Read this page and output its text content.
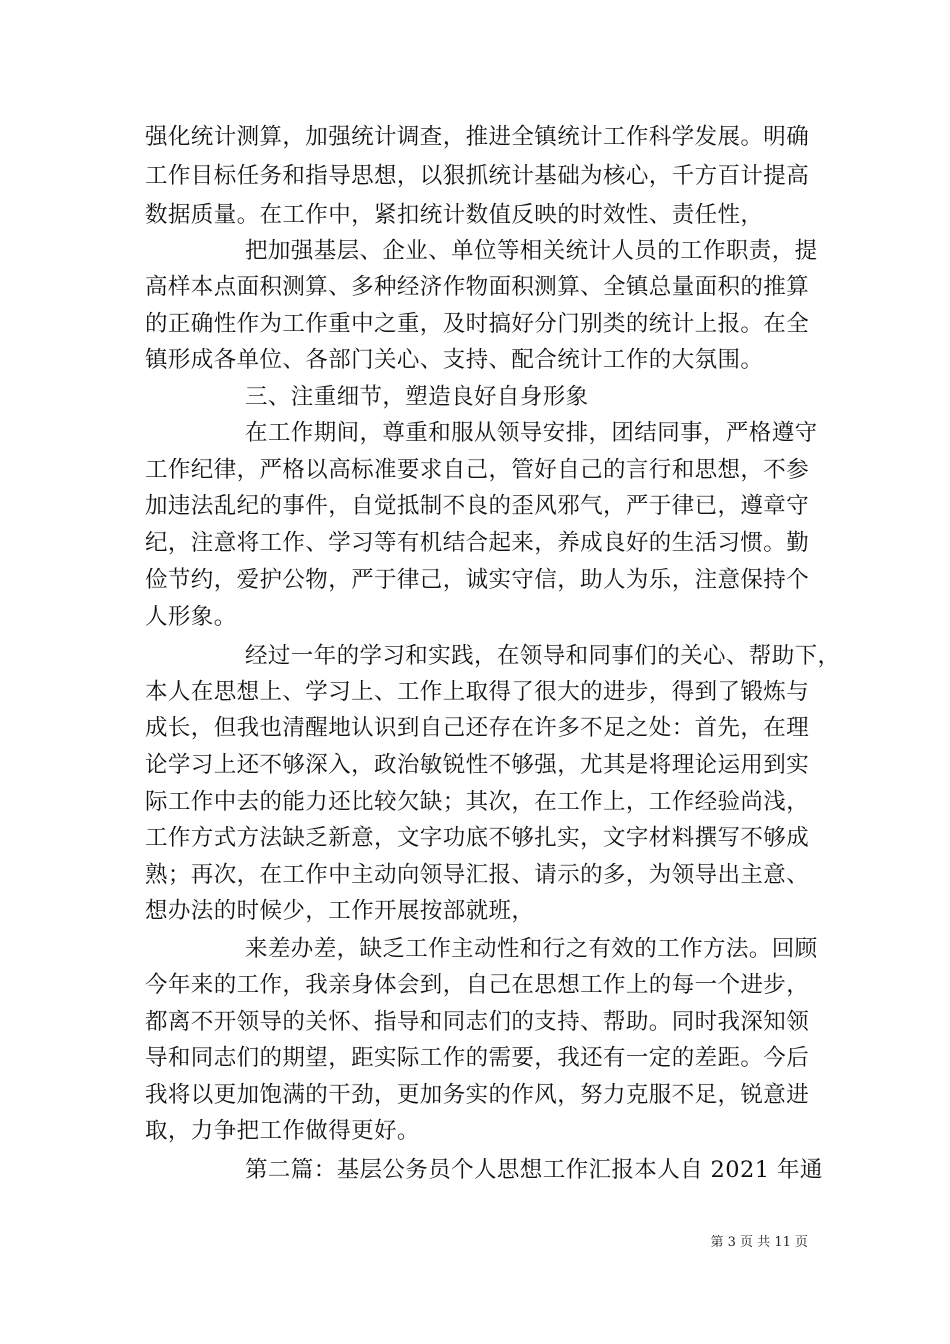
强化统计测算，加强统计调查，推进全镇统计工作科学发展。明确
工作目标任务和指导思想，以狠抓统计基础为核心，千方百计提高
数据质量。在工作中，紧扣统计数值反映的时效性、责任性，
把加强基层、企业、单位等相关统计人员的工作职责，提
高样本点面积测算、多种经济作物面积测算、全镇总量面积的推算
的正确性作为工作重中之重，及时搞好分门别类的统计上报。在全
镇形成各单位、各部门关心、支持、配合统计工作的大氛围。
三、注重细节，塑造良好自身形象
在工作期间，尊重和服从领导安排，团结同事，严格遵守
工作纪律，严格以高标准要求自己，管好自己的言行和思想，不参
加违法乱纪的事件，自觉抵制不良的歪风邪气，严于律已，遵章守
纪，注意将工作、学习等有机结合起来，养成良好的生活习惯。勤
俭节约，爱护公物，严于律己，诚实守信，助人为乐，注意保持个
人形象。
经过一年的学习和实践，在领导和同事们的关心、帮助下，
本人在思想上、学习上、工作上取得了很大的进步，得到了锻炼与
成长，但我也清醒地认识到自己还存在许多不足之处：首先，在理
论学习上还不够深入，政治敏锐性不够强，尤其是将理论运用到实
际工作中去的能力还比较欠缺；其次，在工作上，工作经验尚浅，
工作方式方法缺乏新意，文字功底不够扎实，文字材料撰写不够成
熟；再次，在工作中主动向领导汇报、请示的多，为领导出主意、
想办法的时候少，工作开展按部就班，
来差办差，缺乏工作主动性和行之有效的工作方法。回顾
今年来的工作，我亲身体会到，自己在思想工作上的每一个进步，
都离不开领导的关怀、指导和同志们的支持、帮助。同时我深知领
导和同志们的期望，距实际工作的需要，我还有一定的差距。今后
我将以更加饱满的干劲，更加务实的作风，努力克服不足，锐意进
取，力争把工作做得更好。
第二篇：基层公务员个人思想工作汇报本人自 2021 年通
第 3 页 共 11 页
